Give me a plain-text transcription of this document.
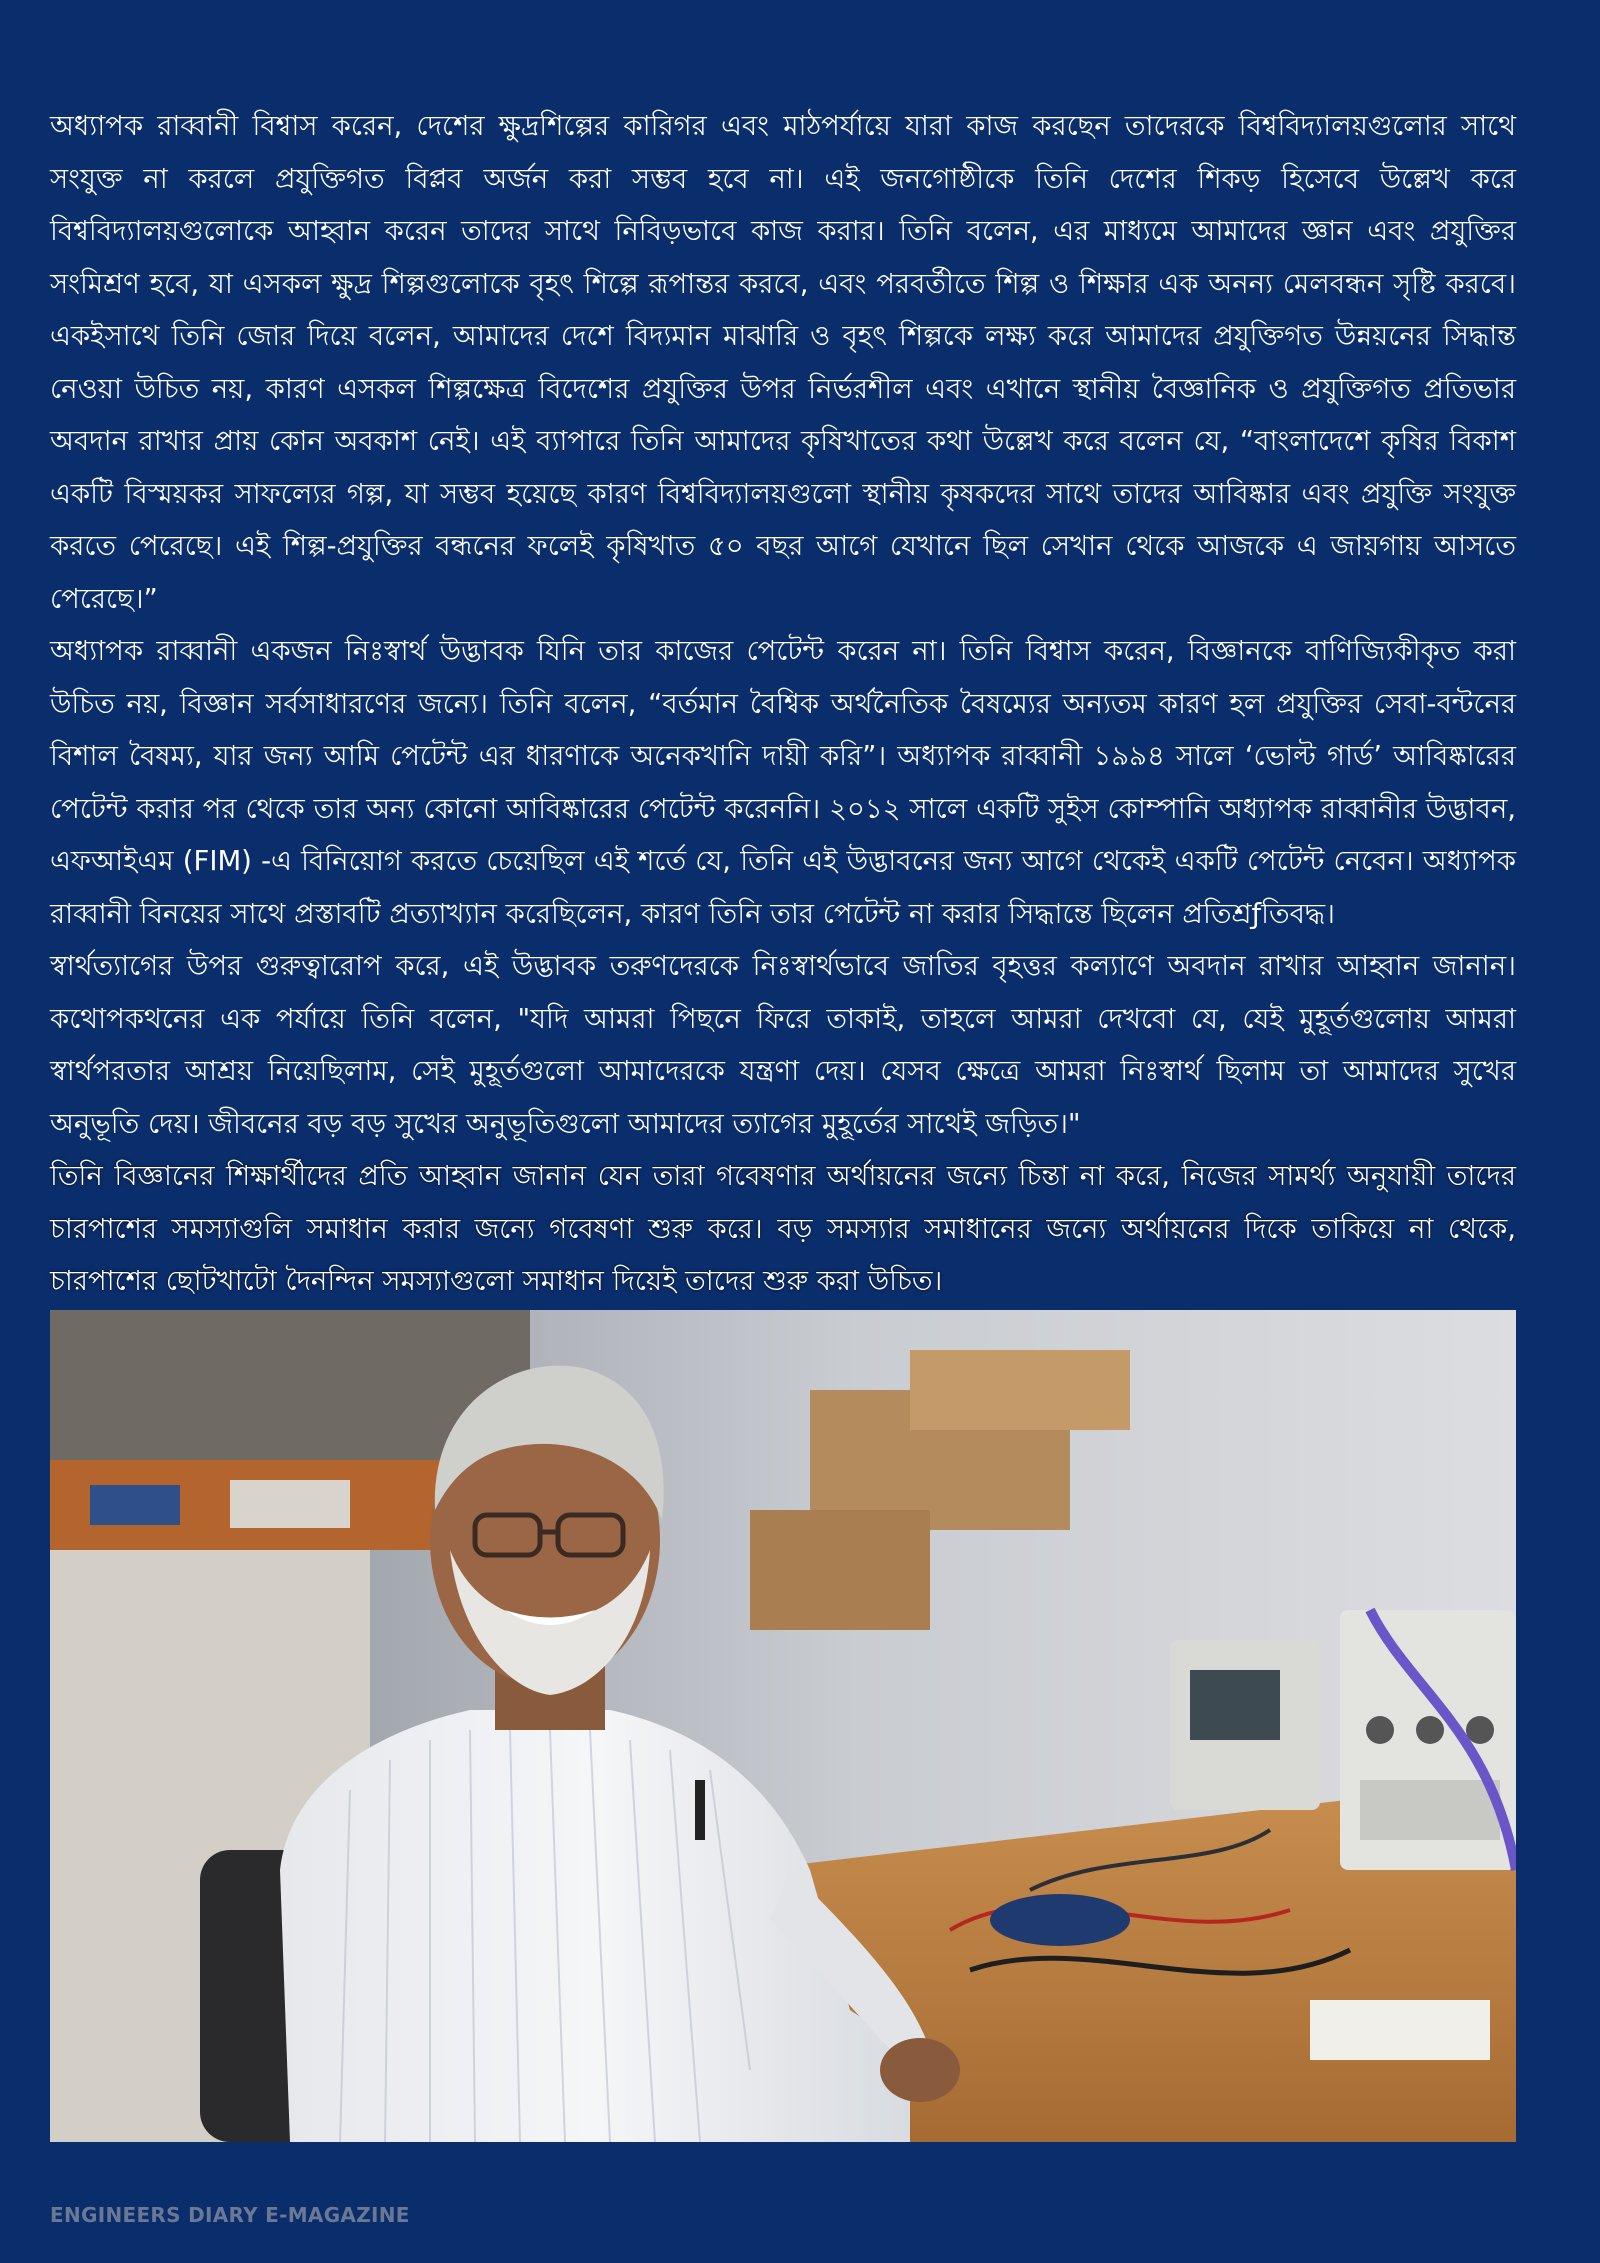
অধ্যাপক রাব্বানী বিশ্বাস করেন, দেশের ক্ষুদ্রশিল্পের কারিগর এবং মাঠপর্যায়ে যারা কাজ করছেন তাদেরকে বিশ্ববিদ্যালয়গুলোর সাথে সংযুক্ত না করলে প্রযুক্তিগত বিপ্লব অর্জন করা সম্ভব হবে না। এই জনগোষ্ঠীকে তিনি দেশের শিকড় হিসেবে উল্লেখ করে বিশ্ববিদ্যালয়গুলোকে আহ্বান করেন তাদের সাথে নিবিড়ভাবে কাজ করার। তিনি বলেন, এর মাধ্যমে আমাদের জ্ঞান এবং প্রযুক্তির সংমিশ্রণ হবে, যা এসকল ক্ষুদ্র শিল্পগুলোকে বৃহৎ শিল্পে রূপান্তর করবে, এবং পরবর্তীতে শিল্প ও শিক্ষার এক অনন্য মেলবন্ধন সৃষ্টি করবে। একইসাথে তিনি জোর দিয়ে বলেন, আমাদের দেশে বিদ্যমান মাঝারি ও বৃহৎ শিল্পকে লক্ষ্য করে আমাদের প্রযুক্তিগত উন্নয়নের সিদ্ধান্ত নেওয়া উচিত নয়, কারণ এসকল শিল্পক্ষেত্র বিদেশের প্রযুক্তির উপর নির্ভরশীল এবং এখানে স্থানীয় বৈজ্ঞানিক ও প্রযুক্তিগত প্রতিভার অবদান রাখার প্রায় কোন অবকাশ নেই। এই ব্যাপারে তিনি আমাদের কৃষিখাতের কথা উল্লেখ করে বলেন যে, “বাংলাদেশে কৃষির বিকাশ একটি বিস্ময়কর সাফল্যের গল্প, যা সম্ভব হয়েছে কারণ বিশ্ববিদ্যালয়গুলো স্থানীয় কৃষকদের সাথে তাদের আবিষ্কার এবং প্রযুক্তি সংযুক্ত করতে পেরেছে। এই শিল্প-প্রযুক্তির বন্ধনের ফলেই কৃষিখাত ৫০ বছর আগে যেখানে ছিল সেখান থেকে আজকে এ জায়গায় আসতে পেরেছে।”

অধ্যাপক রাব্বানী একজন নিঃস্বার্থ উদ্ভাবক যিনি তার কাজের পেটেন্ট করেন না। তিনি বিশ্বাস করেন, বিজ্ঞানকে বাণিজ্যিকীকৃত করা উচিত নয়, বিজ্ঞান সর্বসাধারণের জন্যে। তিনি বলেন, “বর্তমান বৈশ্বিক অর্থনৈতিক বৈষম্যের অন্যতম কারণ হল প্রযুক্তির সেবা-বন্টনের বিশাল বৈষম্য, যার জন্য আমি পেটেন্ট এর ধারণাকে অনেকখানি দায়ী করি”। অধ্যাপক রাব্বানী ১৯৯৪ সালে ‘ভোল্ট গার্ড’ আবিষ্কারের পেটেন্ট করার পর থেকে তার অন্য কোনো আবিষ্কারের পেটেন্ট করেননি। ২০১২ সালে একটি সুইস কোম্পানি অধ্যাপক রাব্বানীর উদ্ভাবন, এফআইএম (FIM) -এ বিনিয়োগ করতে চেয়েছিল এই শর্তে যে, তিনি এই উদ্ভাবনের জন্য আগে থেকেই একটি পেটেন্ট নেবেন। অধ্যাপক রাব্বানী বিনয়ের সাথে প্রস্তাবটি প্রত্যাখ্যান করেছিলেন, কারণ তিনি তার পেটেন্ট না করার সিদ্ধান্তে ছিলেন প্রতিশ্রƒতিবদ্ধ।

স্বার্থত্যাগের উপর গুরুত্বারোপ করে, এই উদ্ভাবক তরুণদেরকে নিঃস্বার্থভাবে জাতির বৃহত্তর কল্যাণে অবদান রাখার আহ্বান জানান। কথোপকথনের এক পর্যায়ে তিনি বলেন, "যদি আমরা পিছনে ফিরে তাকাই, তাহলে আমরা দেখবো যে, যেই মুহূর্তগুলোয় আমরা স্বার্থপরতার আশ্রয় নিয়েছিলাম, সেই মুহূর্তগুলো আমাদেরকে যন্ত্রণা দেয়। যেসব ক্ষেত্রে আমরা নিঃস্বার্থ ছিলাম তা আমাদের সুখের অনুভূতি দেয়। জীবনের বড় বড় সুখের অনুভূতিগুলো আমাদের ত্যাগের মুহূর্তের সাথেই জড়িত।"

তিনি বিজ্ঞানের শিক্ষার্থীদের প্রতি আহ্বান জানান যেন তারা গবেষণার অর্থায়নের জন্যে চিন্তা না করে, নিজের সামর্থ্য অনুযায়ী তাদের চারপাশের সমস্যাগুলি সমাধান করার জন্যে গবেষণা শুরু করে। বড় সমস্যার সমাধানের জন্যে অর্থায়নের দিকে তাকিয়ে না থেকে, চারপাশের ছোটখাটো দৈনন্দিন সমস্যাগুলো সমাধান দিয়েই তাদের শুরু করা উচিত।

ENGINEERS DIARY E-MAGAZINE
